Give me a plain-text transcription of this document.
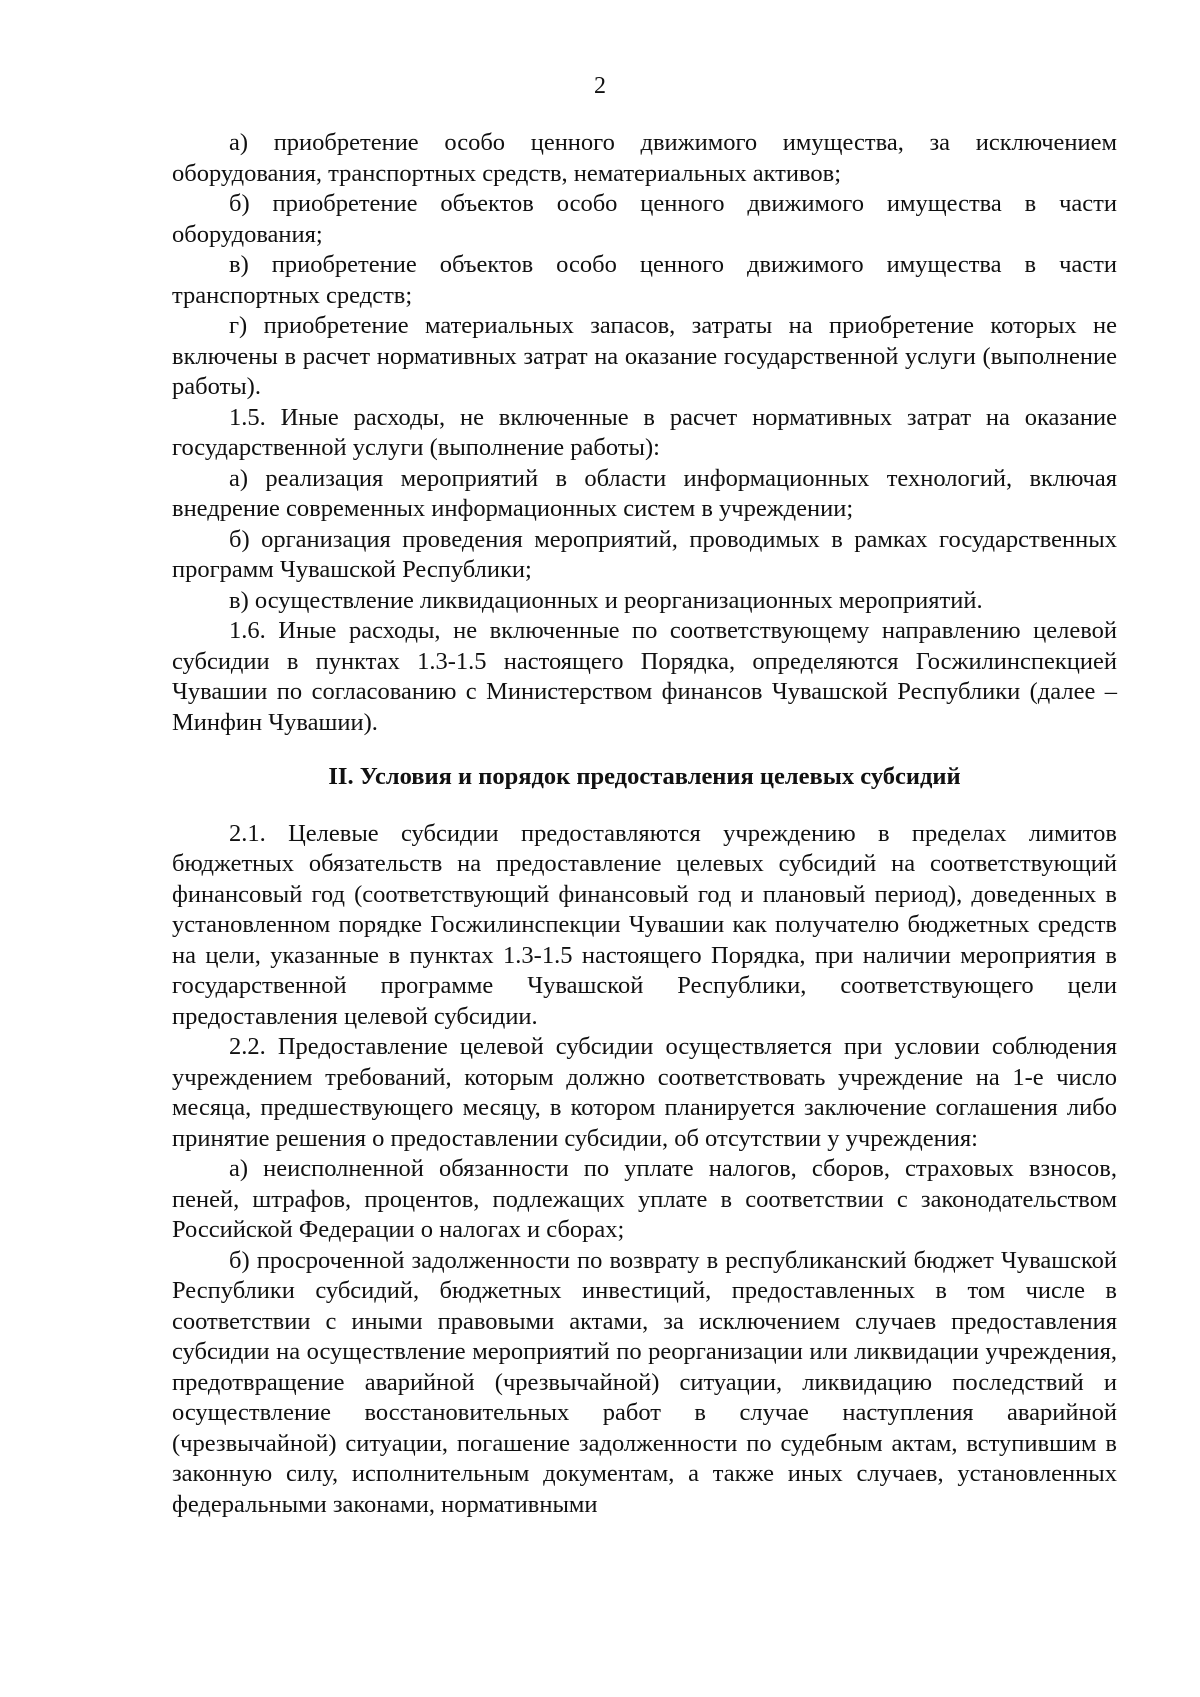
2

а) приобретение особо ценного движимого имущества, за исключением оборудования, транспортных средств, нематериальных активов;

б) приобретение объектов особо ценного движимого имущества в части оборудования;

в) приобретение объектов особо ценного движимого имущества в части транспортных средств;

г) приобретение материальных запасов, затраты на приобретение которых не включены в расчет нормативных затрат на оказание государственной услуги (выполнение работы).

1.5. Иные расходы, не включенные в расчет нормативных затрат на оказание государственной услуги (выполнение работы):

а) реализация мероприятий в области информационных технологий, включая внедрение современных информационных систем в учреждении;

б) организация проведения мероприятий, проводимых в рамках государственных программ Чувашской Республики;

в) осуществление ликвидационных и реорганизационных мероприятий.

1.6. Иные расходы, не включенные по соответствующему направлению целевой субсидии в пунктах 1.3-1.5 настоящего Порядка, определяются Госжилинспекцией Чувашии по согласованию с Министерством финансов Чувашской Республики (далее – Минфин Чувашии).

II. Условия и порядок предоставления целевых субсидий

2.1. Целевые субсидии предоставляются учреждению в пределах лимитов бюджетных обязательств на предоставление целевых субсидий на соответствующий финансовый год (соответствующий финансовый год и плановый период), доведенных в установленном порядке Госжилинспекции Чувашии как получателю бюджетных средств на цели, указанные в пунктах 1.3-1.5 настоящего Порядка, при наличии мероприятия в государственной программе Чувашской Республики, соответствующего цели предоставления целевой субсидии.

2.2. Предоставление целевой субсидии осуществляется при условии соблюдения учреждением требований, которым должно соответствовать учреждение на 1-е число месяца, предшествующего месяцу, в котором планируется заключение соглашения либо принятие решения о предоставлении субсидии, об отсутствии у учреждения:

а) неисполненной обязанности по уплате налогов, сборов, страховых взносов, пеней, штрафов, процентов, подлежащих уплате в соответствии с законодательством Российской Федерации о налогах и сборах;

б) просроченной задолженности по возврату в республиканский бюджет Чувашской Республики субсидий, бюджетных инвестиций, предоставленных в том числе в соответствии с иными правовыми актами, за исключением случаев предоставления субсидии на осуществление мероприятий по реорганизации или ликвидации учреждения, предотвращение аварийной (чрезвычайной) ситуации, ликвидацию последствий и осуществление восстановительных работ в случае наступления аварийной (чрезвычайной) ситуации, погашение задолженности по судебным актам, вступившим в законную силу, исполнительным документам, а также иных случаев, установленных федеральными законами, нормативными
